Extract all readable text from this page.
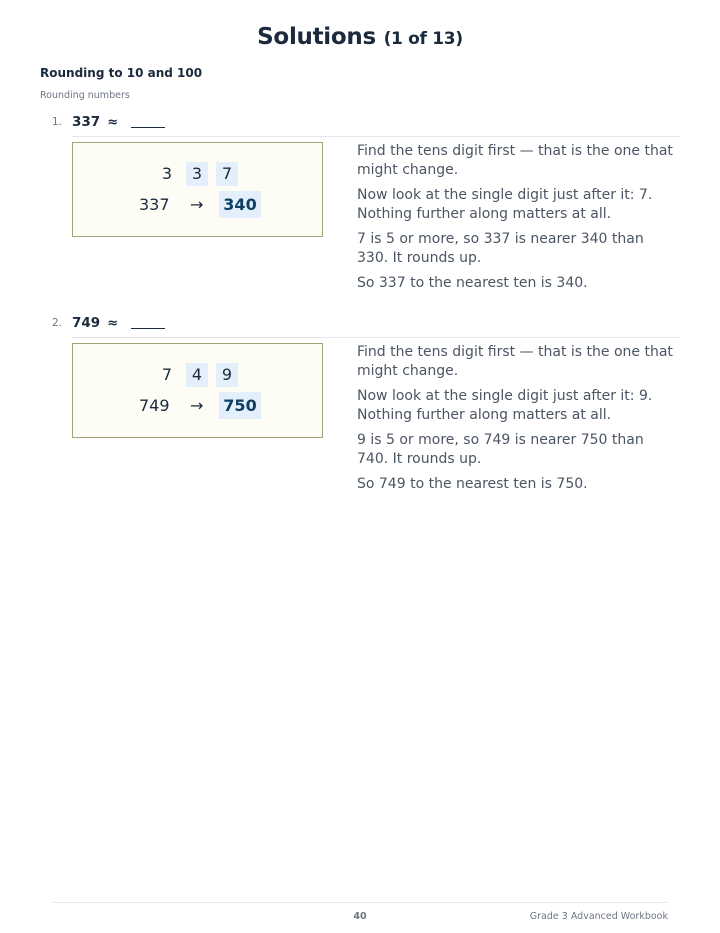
Solutions (1 of 13)
Rounding to 10 and 100
Rounding numbers
1. 337 ≈
3	3	7
337 → 340

Find the tens digit first — that is the one that might change.

Now look at the single digit just after it: 7. Nothing further along matters at all.

7 is 5 or more, so 337 is nearer 340 than 330. It rounds up.

So 337 to the nearest ten is 340.

2. 749 ≈
7	4	9
749 → 750

Find the tens digit first — that is the one that might change.

Now look at the single digit just after it: 9. Nothing further along matters at all.

9 is 5 or more, so 749 is nearer 750 than 740. It rounds up.

So 749 to the nearest ten is 750.

40	Grade 3 Advanced Workbook
